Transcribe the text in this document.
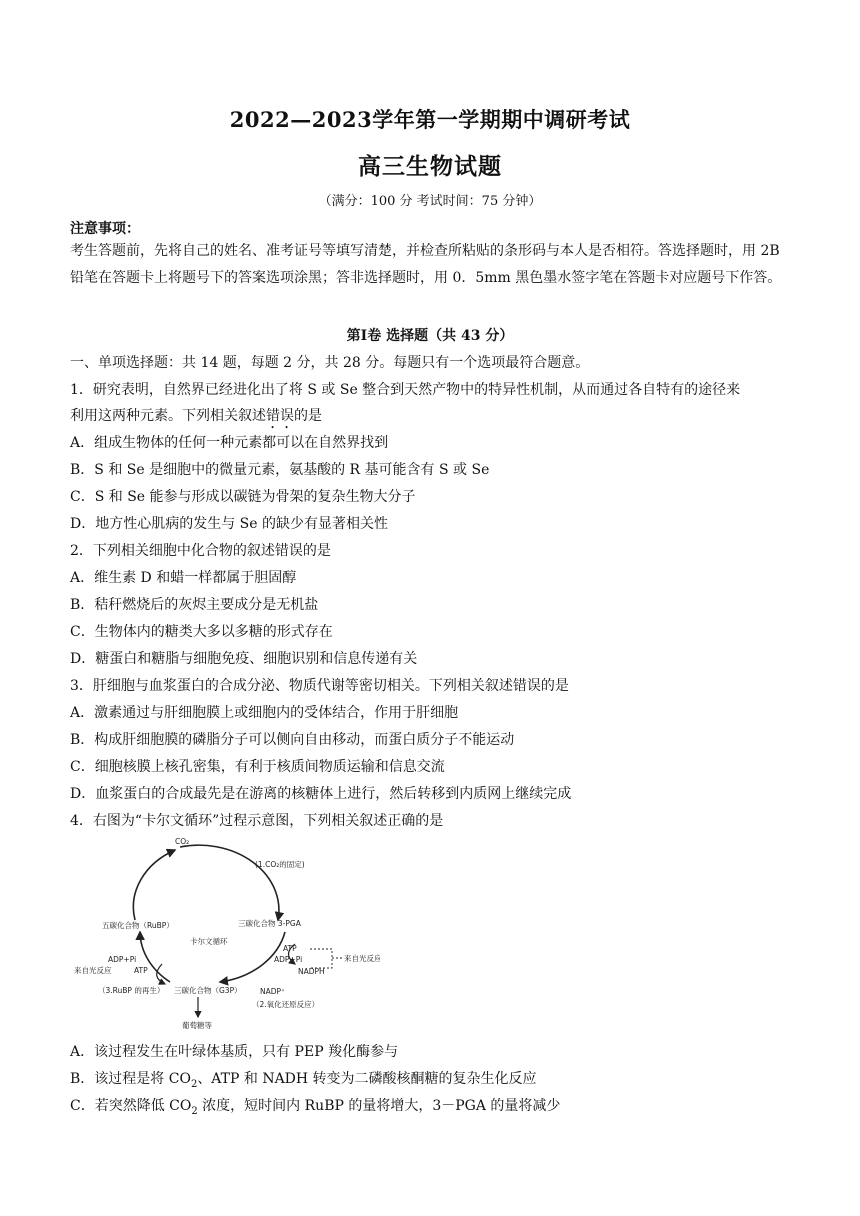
2022—2023学年第一学期期中调研考试
高三生物试题
（满分：100 分 考试时间：75 分钟）
注意事项：
考生答题前，先将自己的姓名、准考证号等填写清楚，并检查所粘贴的条形码与本人是否相符。答选择题时，用 2B 铅笔在答题卡上将题号下的答案选项涂黑；答非选择题时，用 0．5mm 黑色墨水签字笔在答题卡对应题号下作答。
第Ⅰ卷 选择题（共 43 分）
一、单项选择题：共 14 题，每题 2 分，共 28 分。每题只有一个选项最符合题意。
1．研究表明，自然界已经进化出了将 S 或 Se 整合到天然产物中的特异性机制，从而通过各自特有的途径来
利用这两种元素。下列相关叙述错误的是
A．组成生物体的任何一种元素都可以在自然界找到
B．S 和 Se 是细胞中的微量元素，氨基酸的 R 基可能含有 S 或 Se
C．S 和 Se 能参与形成以碳链为骨架的复杂生物大分子
D．地方性心肌病的发生与 Se 的缺少有显著相关性
2．下列相关细胞中化合物的叙述错误的是
A．维生素 D 和蜡一样都属于胆固醇
B．秸秆燃烧后的灰烬主要成分是无机盐
C．生物体内的糖类大多以多糖的形式存在
D．糖蛋白和糖脂与细胞免疫、细胞识别和信息传递有关
3．肝细胞与血浆蛋白的合成分泌、物质代谢等密切相关。下列相关叙述错误的是
A．激素通过与肝细胞膜上或细胞内的受体结合，作用于肝细胞
B．构成肝细胞膜的磷脂分子可以侧向自由移动，而蛋白质分子不能运动
C．细胞核膜上核孔密集，有利于核质间物质运输和信息交流
D．血浆蛋白的合成最先是在游离的核糖体上进行，然后转移到内质网上继续完成
4．右图为“卡尔文循环”过程示意图，下列相关叙述正确的是
CO₂
(1.CO₂的固定)
五碳化合物（RuBP）	三碳化合物 3-PGA
卡尔文循环
ATP
ADP+Pi
NADPH
NADP⁺
来自光反应
ADP+Pi
来自光反应	ATP
（3.RuBP 的再生） 三碳化合物（G3P）
（2.氧化还原反应）
葡萄糖等
A．该过程发生在叶绿体基质，只有 PEP 羧化酶参与
B．该过程是将 $CO_2$、ATP 和 NADH 转变为二磷酸核酮糖的复杂生化反应
C．若突然降低 $CO_2$ 浓度，短时间内 RuBP 的量将增大，3－PGA 的量将减少
